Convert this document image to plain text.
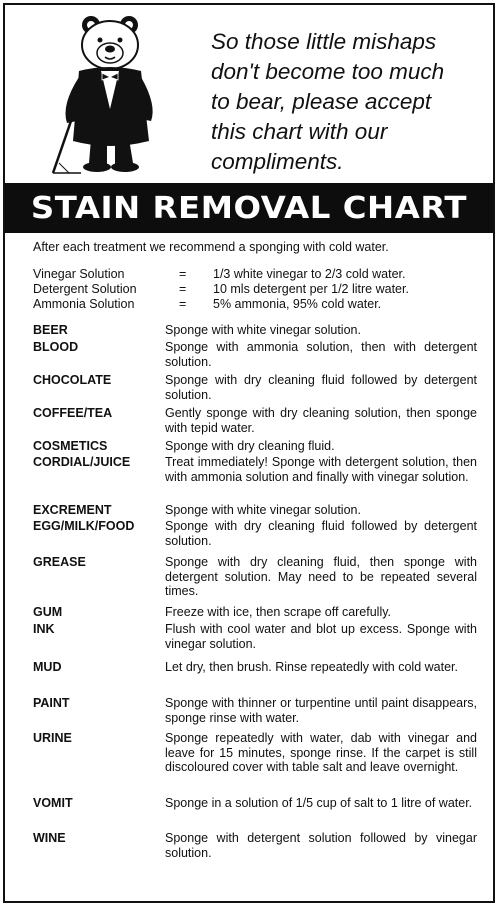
So those little mishaps
don't become too much
to bear, please accept
this chart with our
compliments.
STAIN REMOVAL CHART
After each treatment we recommend a sponging with cold water.
Vinegar Solution	=	1/3 white vinegar to 2/3 cold water.
Detergent Solution	=	10 mls detergent per 1/2 litre water.
Ammonia Solution	=	5% ammonia, 95% cold water.
BEER	Sponge with white vinegar solution.
BLOOD	Sponge with ammonia solution, then with detergent solution.
CHOCOLATE	Sponge with dry cleaning fluid followed by detergent solution.
COFFEE/TEA	Gently sponge with dry cleaning solution, then sponge with tepid water.
COSMETICS	Sponge with dry cleaning fluid.
CORDIAL/JUICE	Treat immediately! Sponge with detergent solution, then with ammonia solution and finally with vinegar solution.
EXCREMENT	Sponge with white vinegar solution.
EGG/MILK/FOOD	Sponge with dry cleaning fluid followed by detergent solution.
GREASE	Sponge with dry cleaning fluid, then sponge with detergent solution. May need to be repeated several times.
GUM	Freeze with ice, then scrape off carefully.
INK	Flush with cool water and blot up excess. Sponge with vinegar solution.
MUD	Let dry, then brush. Rinse repeatedly with cold water.
PAINT	Sponge with thinner or turpentine until paint disappears, sponge rinse with water.
URINE	Sponge repeatedly with water, dab with vinegar and leave for 15 minutes, sponge rinse. If the carpet is still discoloured cover with table salt and leave overnight.
VOMIT	Sponge in a solution of 1/5 cup of salt to 1 litre of water.
WINE	Sponge with detergent solution followed by vinegar solution.
